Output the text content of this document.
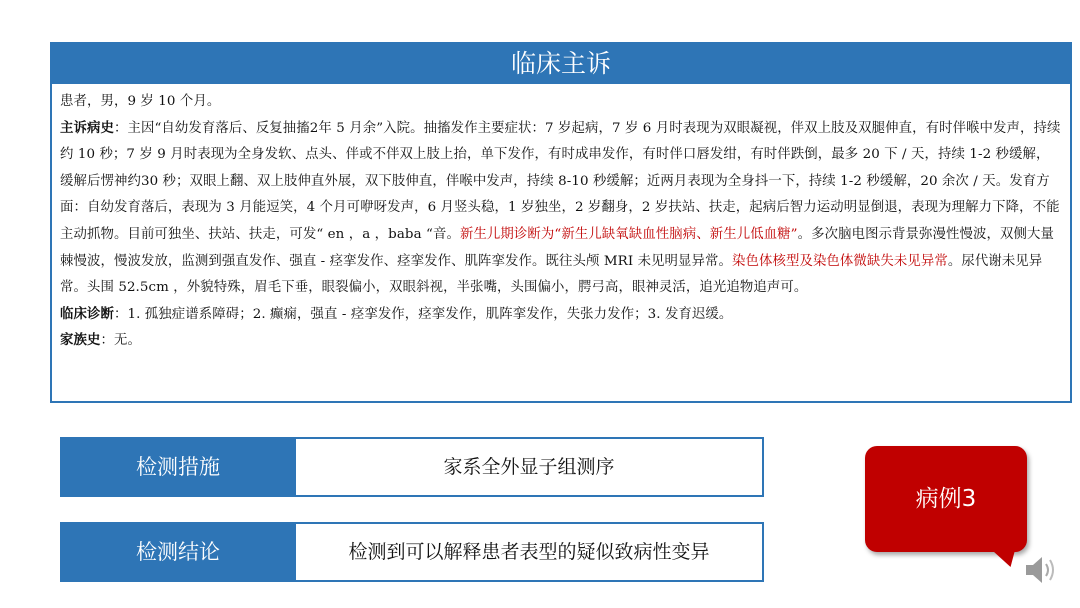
临床主诉

患者，男，9 岁 10 个月。

主诉病史：主因“自幼发育落后、反复抽搐2年 5 月余”入院。抽搐发作主要症状：7 岁起病，7 岁 6 月时表现为双眼凝视，伴双上肢及双腿伸直，有时伴喉中发声，持续约 10 秒；7 岁 9 月时表现为全身发软、点头、伴或不伴双上肢上抬，单下发作，有时成串发作，有时伴口唇发绀，有时伴跌倒，最多 20 下 / 天，持续 1-2 秒缓解，缓解后愣神约30 秒；双眼上翻、双上肢伸直外展，双下肢伸直，伴喉中发声，持续 8-10 秒缓解；近两月表现为全身抖一下，持续 1-2 秒缓解，20 余次 / 天。发育方面：自幼发育落后，表现为 3 月能逗笑，4 个月可咿呀发声，6 月竖头稳，1 岁独坐，2 岁翻身，2 岁扶站、扶走，起病后智力运动明显倒退，表现为理解力下降，不能主动抓物。目前可独坐、扶站、扶走，可发“ en ，a ，baba “音。新生儿期诊断为“新生儿缺氧缺血性脑病、新生儿低血糖”。多次脑电图示背景弥漫性慢波，双侧大量棘慢波，慢波发放，监测到强直发作、强直 - 痉挛发作、痉挛发作、肌阵挛发作。既往头颅 MRI 未见明显异常。染色体核型及染色体微缺失未见异常。尿代谢未见异常。头围 52.5cm ，外貌特殊，眉毛下垂，眼裂偏小，双眼斜视，半张嘴，头围偏小，腭弓高，眼神灵活，追光追物追声可。

临床诊断：1. 孤独症谱系障碍；2. 癫痫，强直 - 痉挛发作，痉挛发作，肌阵挛发作，失张力发作；3. 发育迟缓。

家族史：无。

检测措施	家系全外显子组测序
检测结论	检测到可以解释患者表型的疑似致病性变异
病例3
